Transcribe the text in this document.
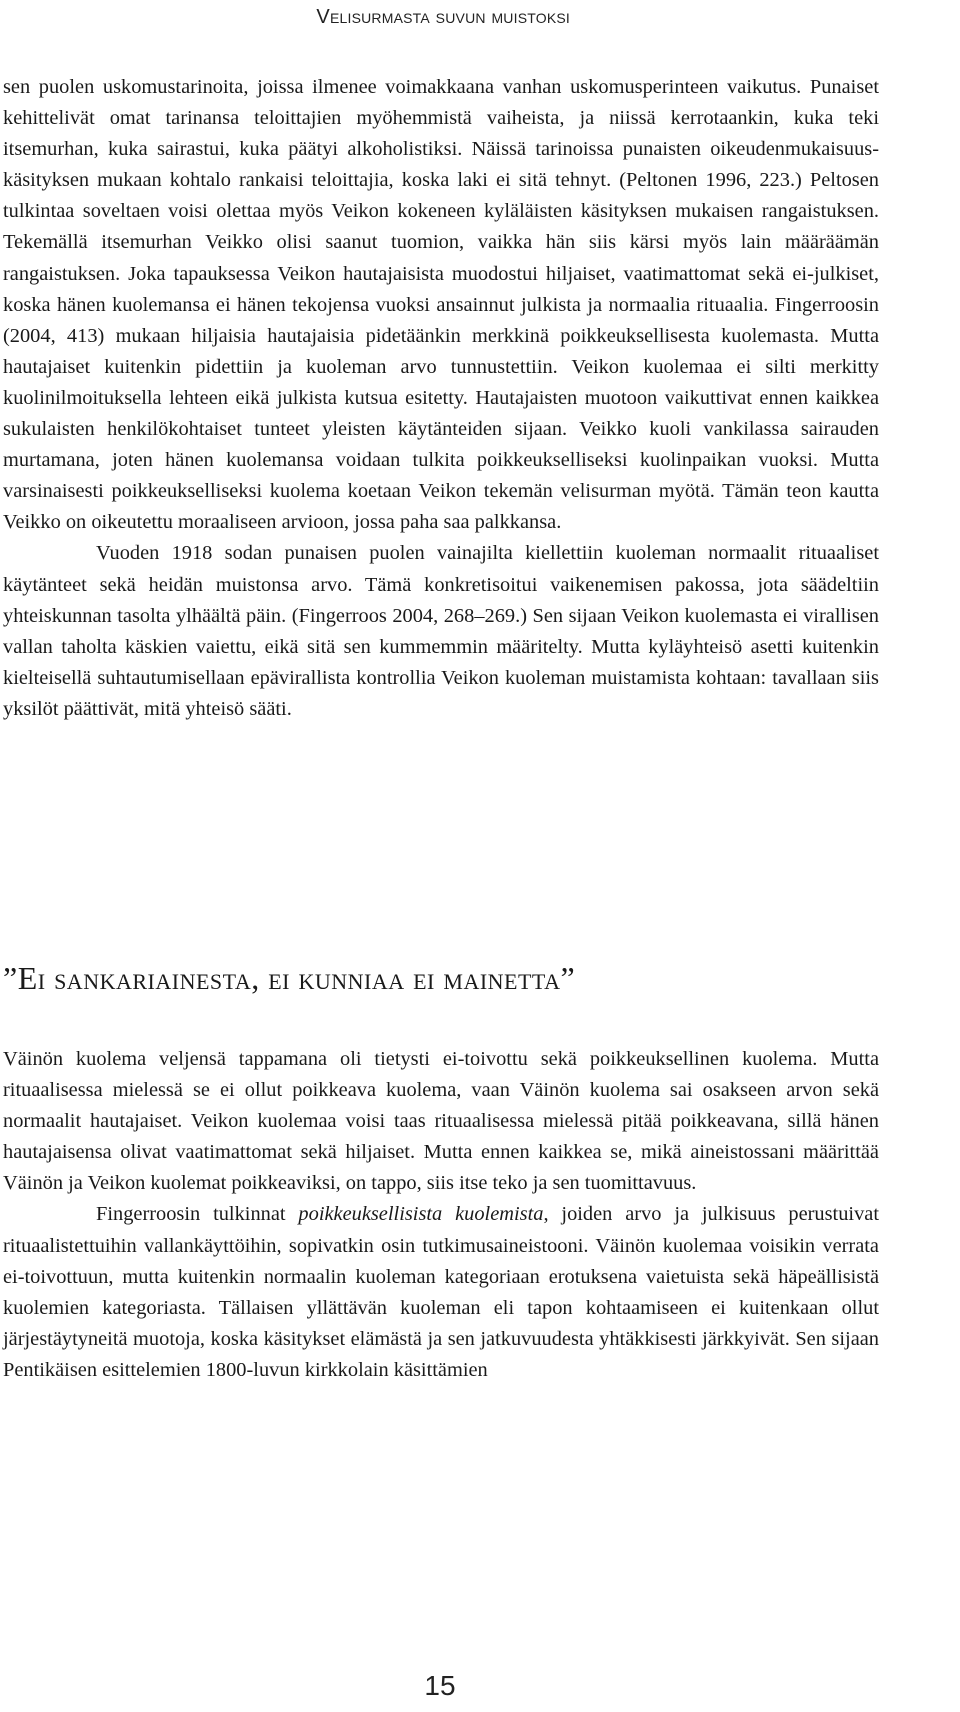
Velisurmasta suvun muistoksi

sen puolen uskomustarinoita, joissa ilmenee voimakkaana vanhan uskomusperinteen vaikutus. Punaiset kehittelivät omat tarinansa teloittajien myöhemmistä vaiheista, ja niissä kerrotaankin, kuka teki itsemurhan, kuka sairastui, kuka päätyi alkoholistiksi. Näissä tarinoissa punaisten oikeudenmukaisuus-käsityksen mukaan kohtalo rankaisi teloittajia, koska laki ei sitä tehnyt. (Peltonen 1996, 223.) Peltosen tulkintaa soveltaen voisi olettaa myös Veikon kokeneen kyläläisten käsityksen mukaisen rangaistuksen. Tekemällä itsemurhan Veikko olisi saanut tuomion, vaikka hän siis kärsi myös lain määräämän rangaistuksen. Joka tapauksessa Veikon hautajaisista muodostui hiljaiset, vaatimattomat sekä ei-julkiset, koska hänen kuolemansa ei hänen tekojensa vuoksi ansainnut julkista ja normaalia rituaalia. Fingerroosin (2004, 413) mukaan hiljaisia hautajaisia pidetäänkin merkkinä poikkeuksellisesta kuolemasta. Mutta hautajaiset kuitenkin pidettiin ja kuoleman arvo tunnustettiin. Veikon kuolemaa ei silti merkitty kuolinilmoituksella lehteen eikä julkista kutsua esitetty. Hautajaisten muotoon vaikuttivat ennen kaikkea sukulaisten henkilökohtaiset tunteet yleisten käytänteiden sijaan. Veikko kuoli vankilassa sairauden murtamana, joten hänen kuolemansa voidaan tulkita poikkeukselliseksi kuolinpaikan vuoksi. Mutta varsinaisesti poikkeukselliseksi kuolema koetaan Veikon tekemän velisurman myötä. Tämän teon kautta Veikko on oikeutettu moraaliseen arvioon, jossa paha saa palkkansa.

Vuoden 1918 sodan punaisen puolen vainajilta kiellettiin kuoleman normaalit rituaaliset käytänteet sekä heidän muistonsa arvo. Tämä konkretisoitui vaikenemisen pakossa, jota säädeltiin yhteiskunnan tasolta ylhäältä päin. (Fingerroos 2004, 268–269.) Sen sijaan Veikon kuolemasta ei virallisen vallan taholta käskien vaiettu, eikä sitä sen kummemmin määritelty. Mutta kyläyhteisö asetti kuitenkin kielteisellä suhtautumisellaan epävirallista kontrollia Veikon kuoleman muistamista kohtaan: tavallaan siis yksilöt päättivät, mitä yhteisö sääti.

”Ei sankariainesta, ei kunniaa ei mainetta”

Väinön kuolema veljensä tappamana oli tietysti ei-toivottu sekä poikkeuksellinen kuolema. Mutta rituaalisessa mielessä se ei ollut poikkeava kuolema, vaan Väinön kuolema sai osakseen arvon sekä normaalit hautajaiset. Veikon kuolemaa voisi taas rituaalisessa mielessä pitää poikkeavana, sillä hänen hautajaisensa olivat vaatimattomat sekä hiljaiset. Mutta ennen kaikkea se, mikä aineistossani määrittää Väinön ja Veikon kuolemat poikkeaviksi, on tappo, siis itse teko ja sen tuomittavuus.

Fingerroosin tulkinnat poikkeuksellisista kuolemista, joiden arvo ja julkisuus perustuivat rituaalistettuihin vallankäyttöihin, sopivatkin osin tutkimusaineistooni. Väinön kuolemaa voisikin verrata ei-toivottuun, mutta kuitenkin normaalin kuoleman kategoriaan erotuksena vaietuista sekä häpeällisistä kuolemien kategoriasta. Tällaisen yllättävän kuoleman eli tapon kohtaamiseen ei kuitenkaan ollut järjestäytyneitä muotoja, koska käsitykset elämästä ja sen jatkuvuudesta yhtäkkisesti järkkyivät. Sen sijaan Pentikäisen esittelemien 1800-luvun kirkkolain käsittämien

15
